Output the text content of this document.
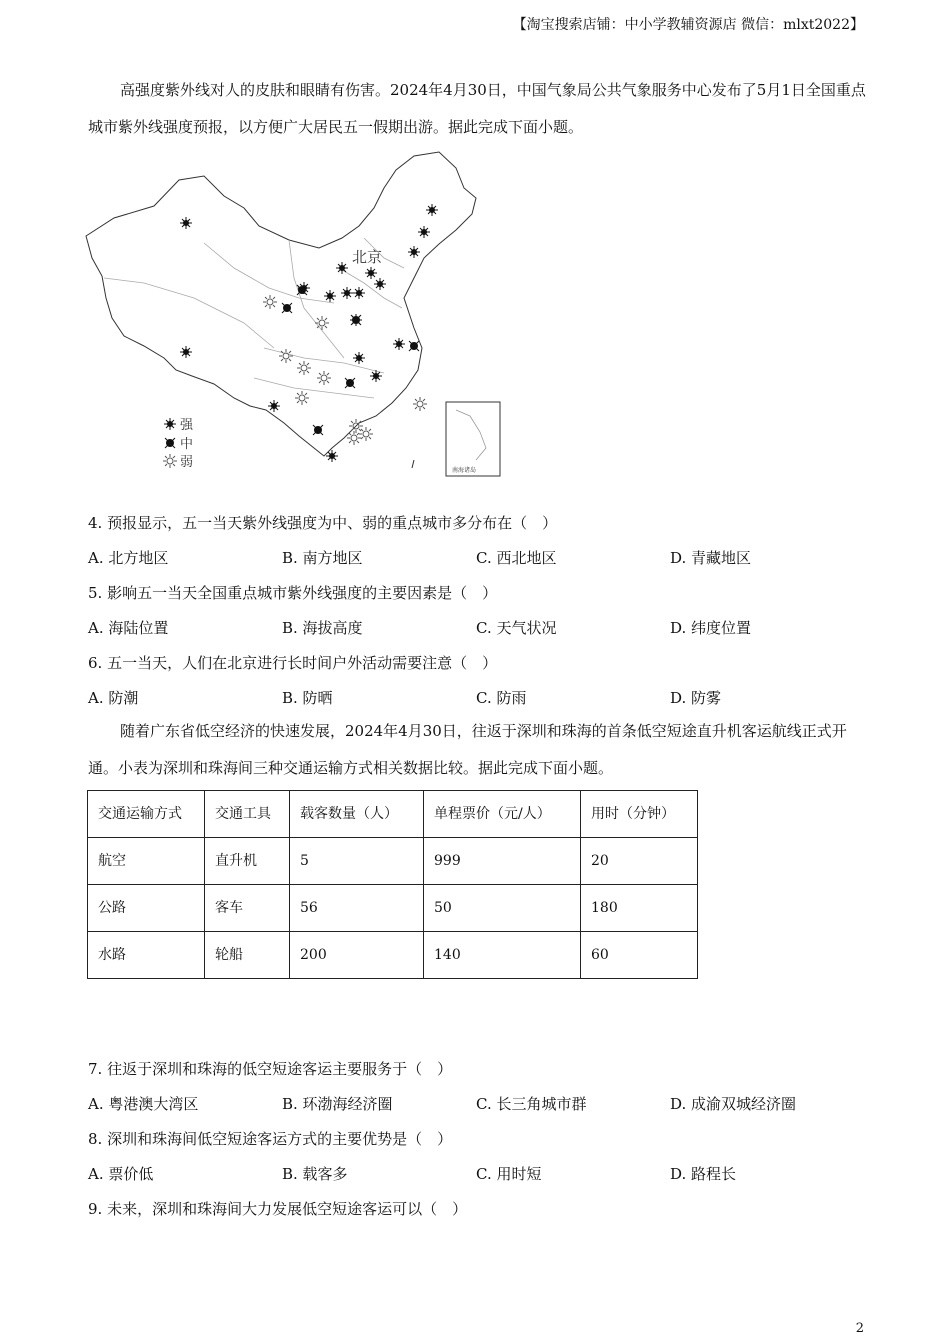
【淘宝搜索店铺：中小学教辅资源店 微信：mlxt2022】
高强度紫外线对人的皮肤和眼睛有伤害。2024年4月30日，中国气象局公共气象服务中心发布了5月1日全国重点城市紫外线强度预报，以方便广大居民五一假期出游。据此完成下面小题。
北京
强
中
弱
南海诸岛
4. 预报显示，五一当天紫外线强度为中、弱的重点城市多分布在（　）
A. 北方地区	B. 南方地区	C. 西北地区	D. 青藏地区
5. 影响五一当天全国重点城市紫外线强度的主要因素是（　）
A. 海陆位置	B. 海拔高度	C. 天气状况	D. 纬度位置
6. 五一当天，人们在北京进行长时间户外活动需要注意（　）
A. 防潮	B. 防晒	C. 防雨	D. 防雾
随着广东省低空经济的快速发展，2024年4月30日，往返于深圳和珠海的首条低空短途直升机客运航线正式开通。小表为深圳和珠海间三种交通运输方式相关数据比较。据此完成下面小题。
交通运输方式	交通工具	载客数量（人）	单程票价（元/人）	用时（分钟）
航空	直升机	5	999	20
公路	客车	56	50	180
水路	轮船	200	140	60
7. 往返于深圳和珠海的低空短途客运主要服务于（　）
A. 粤港澳大湾区	B. 环渤海经济圈	C. 长三角城市群	D. 成渝双城经济圈
8. 深圳和珠海间低空短途客运方式的主要优势是（　）
A. 票价低	B. 载客多	C. 用时短	D. 路程长
9. 未来，深圳和珠海间大力发展低空短途客运可以（　）
2
